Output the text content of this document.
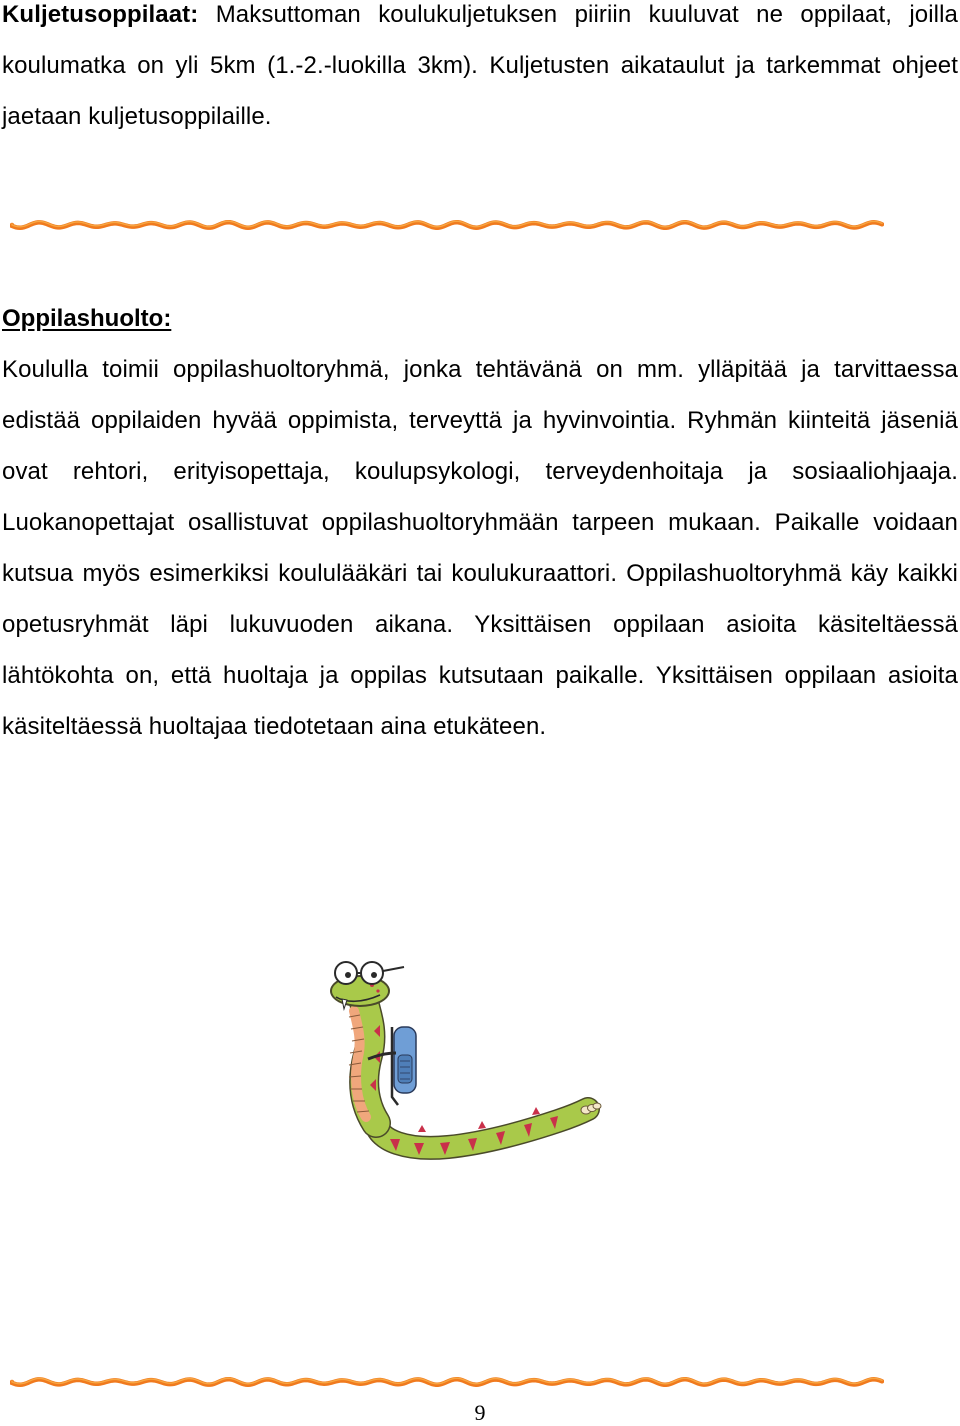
Kuljetusoppilaat: Maksuttoman koulukuljetuksen piiriin kuuluvat ne oppilaat, joilla koulumatka on yli 5km (1.-2.-luokilla 3km). Kuljetusten aikataulut ja tarkemmat ohjeet jaetaan kuljetusoppilaille.

Oppilashuolto:

Koululla toimii oppilashuoltoryhmä, jonka tehtävänä on mm. ylläpitää ja tarvittaessa edistää oppilaiden hyvää oppimista, terveyttä ja hyvinvointia. Ryhmän kiinteitä jäseniä ovat rehtori, erityisopettaja, koulupsykologi, terveydenhoitaja ja sosiaaliohjaaja. Luokanopettajat osallistuvat oppilashuoltoryhmään tarpeen mukaan. Paikalle voidaan kutsua myös esimerkiksi koululääkäri tai koulukuraattori. Oppilashuoltoryhmä käy kaikki opetusryhmät läpi lukuvuoden aikana. Yksittäisen oppilaan asioita käsiteltäessä lähtökohta on, että huoltaja ja oppilas kutsutaan paikalle. Yksittäisen oppilaan asioita käsiteltäessä huoltajaa tiedotetaan aina etukäteen.

9
